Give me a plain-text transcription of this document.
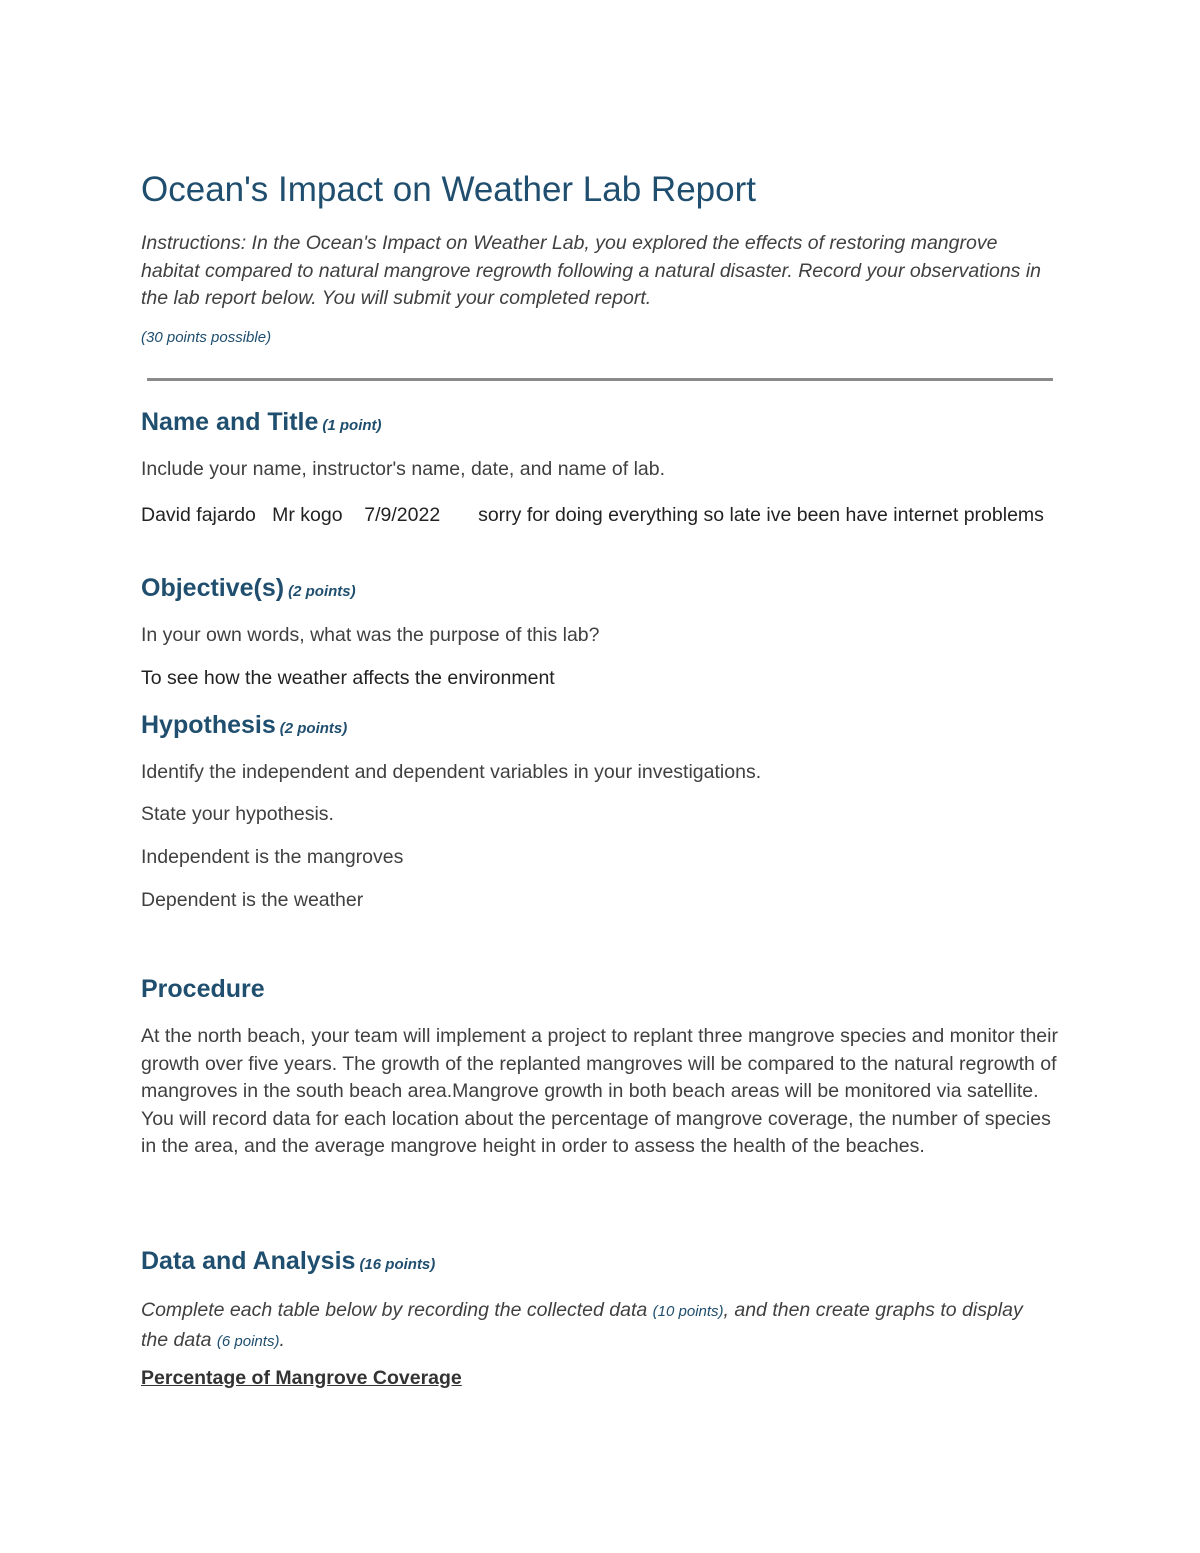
Ocean's Impact on Weather Lab Report

Instructions: In the Ocean's Impact on Weather Lab, you explored the effects of restoring mangrove habitat compared to natural mangrove regrowth following a natural disaster. Record your observations in the lab report below. You will submit your completed report.

(30 points possible)

Name and Title (1 point)

Include your name, instructor's name, date, and name of lab.

David fajardo   Mr kogo    7/9/2022       sorry for doing everything so late ive been have internet problems

Objective(s) (2 points)

In your own words, what was the purpose of this lab?

To see how the weather affects the environment

Hypothesis (2 points)

Identify the independent and dependent variables in your investigations.

State your hypothesis.

Independent is the mangroves

Dependent is the weather

Procedure

At the north beach, your team will implement a project to replant three mangrove species and monitor their growth over five years. The growth of the replanted mangroves will be compared to the natural regrowth of mangroves in the south beach area.Mangrove growth in both beach areas will be monitored via satellite. You will record data for each location about the percentage of mangrove coverage, the number of species in the area, and the average mangrove height in order to assess the health of the beaches.

Data and Analysis (16 points)

Complete each table below by recording the collected data (10 points), and then create graphs to display the data (6 points).

Percentage of Mangrove Coverage
